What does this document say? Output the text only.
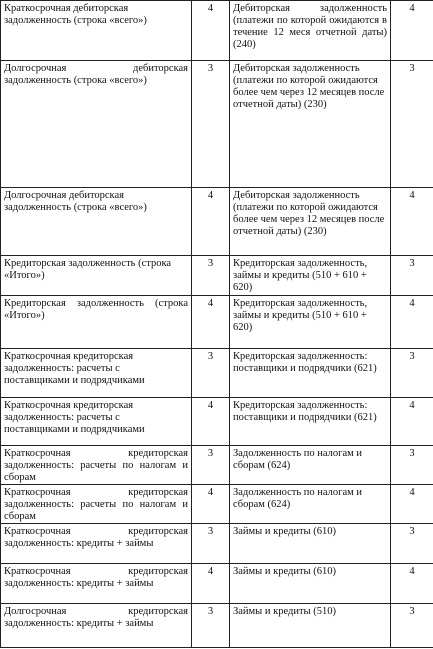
Краткосрочная дебиторская задолженность (строка «всего»)	4	Дебиторская задолженность (платежи по которой ожидаются в течение 12 меся отчетной даты) (240)	4
Долгосрочная дебиторская задолженность (строка «всего»)	3	Дебиторская задолженность (платежи по которой ожидаются более чем через 12 месяцев после отчетной даты) (230)	3
Долгосрочная дебиторская задолженность (строка «всего»)	4	Дебиторская задолженность (платежи по которой ожидаются более чем через 12 месяцев после отчетной даты) (230)	4
Кредиторская задолженность (строка «Итого»)	3	Кредиторская задолженность, займы и кредиты (510 + 610 + 620)	3
Кредиторская задолженность (строка «Итого»)	4	Кредиторская задолженность, займы и кредиты (510 + 610 + 620)	4
Краткосрочная кредиторская задолженность: расчеты с поставщиками и подрядчиками	3	Кредиторская задолженность: поставщики и подрядчики (621)	3
Краткосрочная кредиторская задолженность: расчеты с поставщиками и подрядчиками	4	Кредиторская задолженность: поставщики и подрядчики (621)	4
Краткосрочная кредиторская задолженность: расчеты по налогам и сборам	3	Задолженность по налогам и сборам (624)	3
Краткосрочная кредиторская задолженность: расчеты по налогам и сборам	4	Задолженность по налогам и сборам (624)	4
Краткосрочная кредиторская задолженность: кредиты + займы	3	Займы и кредиты (610)	3
Краткосрочная кредиторская задолженность: кредиты + займы	4	Займы и кредиты (610)	4
Долгосрочная кредиторская задолженность: кредиты + займы	3	Займы и кредиты (510)	3
